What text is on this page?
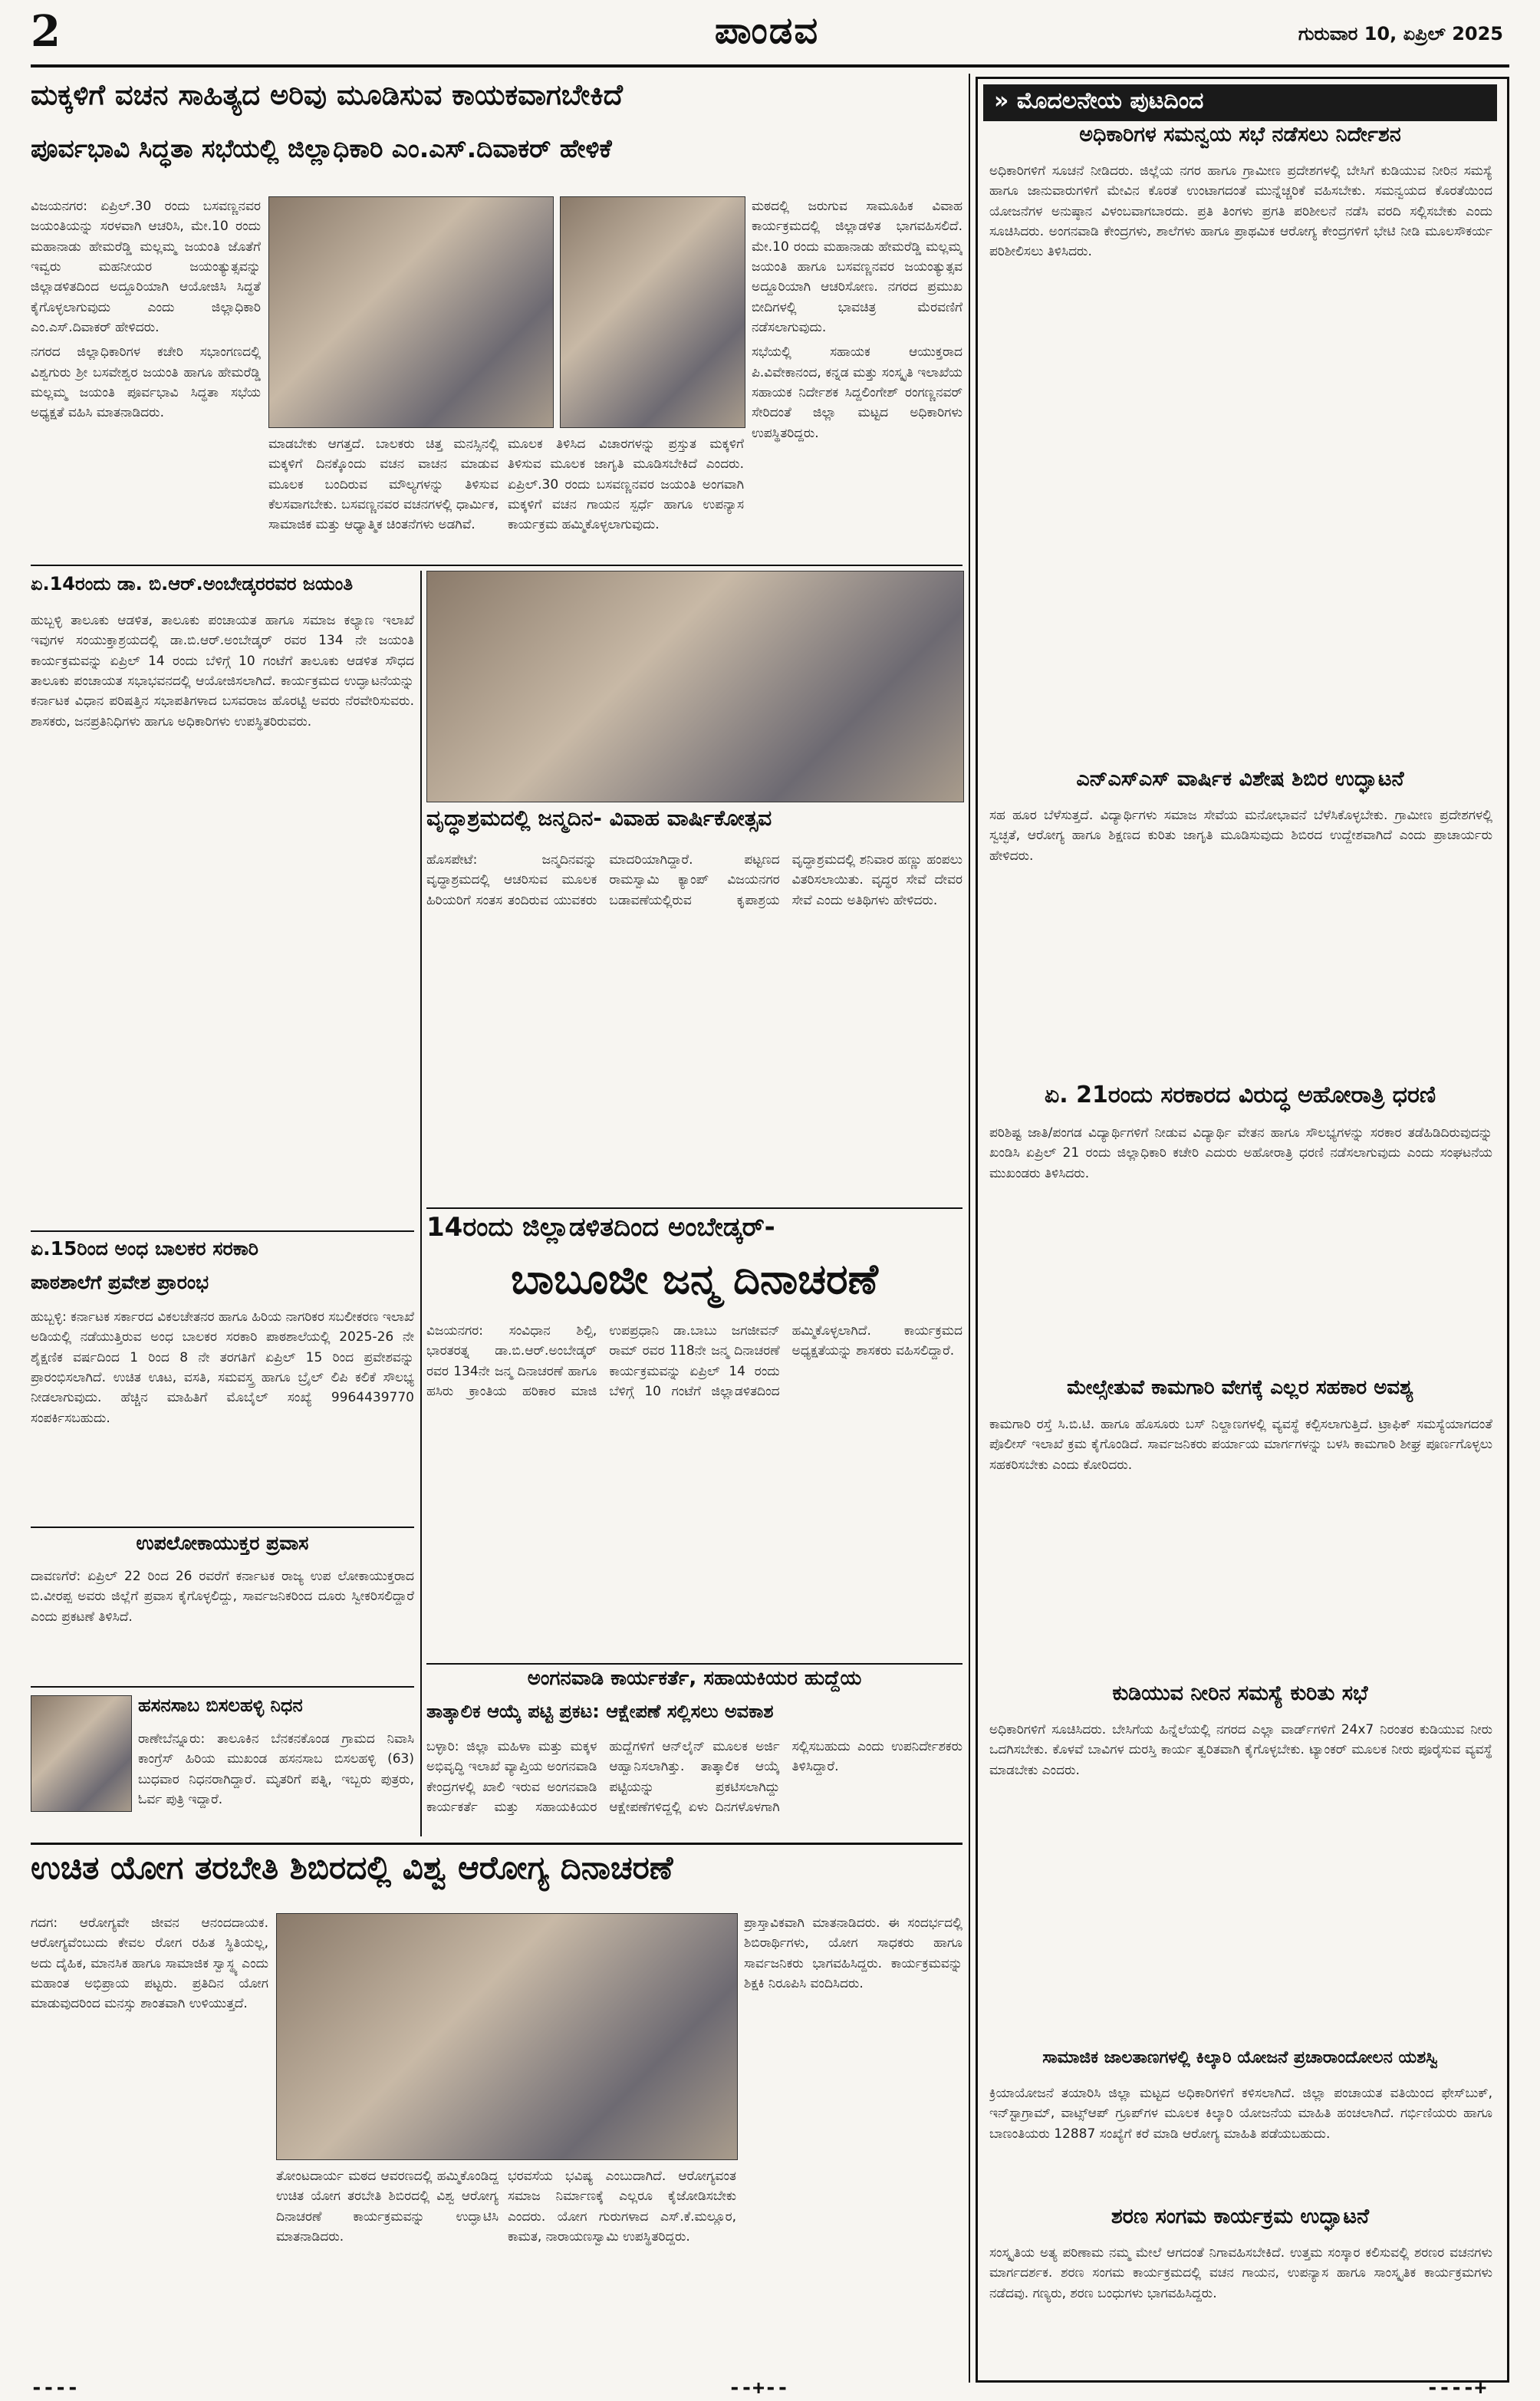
2	ಪಾಂಡವ	ಗುರುವಾರ 10, ಏಪ್ರಿಲ್ 2025
ಮಕ್ಕಳಿಗೆ ವಚನ ಸಾಹಿತ್ಯದ ಅರಿವು ಮೂಡಿಸುವ ಕಾಯಕವಾಗಬೇಕಿದೆ
ಪೂರ್ವಭಾವಿ ಸಿದ್ಧತಾ ಸಭೆಯಲ್ಲಿ ಜಿಲ್ಲಾಧಿಕಾರಿ ಎಂ.ಎಸ್.ದಿವಾಕರ್ ಹೇಳಿಕೆ

ವಿಜಯನಗರ: ಏಪ್ರಿಲ್.30 ರಂದು ಬಸವಣ್ಣನವರ ಜಯಂತಿಯನ್ನು ಸರಳವಾಗಿ ಆಚರಿಸಿ, ಮೇ.10 ರಂದು ಮಹಾನಾಡು ಹೇಮರೆಡ್ಡಿ ಮಲ್ಲಮ್ಮ ಜಯಂತಿ ಜೊತೆಗೆ ಇವ್ವರು ಮಹನೀಯರ ಜಯಂತ್ಯುತ್ಸವನ್ನು ಜಿಲ್ಲಾಡಳಿತದಿಂದ ಅದ್ದೂರಿಯಾಗಿ ಆಯೋಜಿಸಿ ಸಿದ್ಧತೆ ಕೈಗೊಳ್ಳಲಾಗುವುದು ಎಂದು ಜಿಲ್ಲಾಧಿಕಾರಿ ಎಂ.ಎಸ್.ದಿವಾಕರ್ ಹೇಳಿದರು.

ನಗರದ ಜಿಲ್ಲಾಧಿಕಾರಿಗಳ ಕಚೇರಿ ಸಭಾಂಗಣದಲ್ಲಿ ವಿಶ್ವಗುರು ಶ್ರೀ ಬಸವೇಶ್ವರ ಜಯಂತಿ ಹಾಗೂ ಹೇಮರೆಡ್ಡಿ ಮಲ್ಲಮ್ಮ ಜಯಂತಿ ಪೂರ್ವಭಾವಿ ಸಿದ್ಧತಾ ಸಭೆಯ ಅಧ್ಯಕ್ಷತೆ ವಹಿಸಿ ಮಾತನಾಡಿದರು.

ಮಾಡಬೇಕು ಆಗತ್ತದೆ. ಬಾಲಕರು ಚಿತ್ತ ಮನಸ್ಸಿನಲ್ಲಿ ಮಕ್ಕಳಿಗೆ ದಿನಕ್ಕೊಂದು ವಚನ ವಾಚನ ಮಾಡುವ ಮೂಲಕ ಬಂದಿರುವ ಮೌಲ್ಯಗಳನ್ನು ತಿಳಿಸುವ ಕೆಲಸವಾಗಬೇಕು. ಬಸವಣ್ಣನವರ ವಚನಗಳಲ್ಲಿ ಧಾರ್ಮಿಕ, ಸಾಮಾಜಿಕ ಮತ್ತು ಆಧ್ಯಾತ್ಮಿಕ ಚಿಂತನೆಗಳು ಅಡಗಿವೆ.
ಮೂಲಕ ತಿಳಿಸಿದ ವಿಚಾರಗಳನ್ನು ಪ್ರಸ್ತುತ ಮಕ್ಕಳಿಗೆ ತಿಳಿಸುವ ಮೂಲಕ ಜಾಗೃತಿ ಮೂಡಿಸಬೇಕಿದೆ ಎಂದರು. ಏಪ್ರಿಲ್.30 ರಂದು ಬಸವಣ್ಣನವರ ಜಯಂತಿ ಅಂಗವಾಗಿ ಮಕ್ಕಳಿಗೆ ವಚನ ಗಾಯನ ಸ್ಪರ್ಧೆ ಹಾಗೂ ಉಪನ್ಯಾಸ ಕಾರ್ಯಕ್ರಮ ಹಮ್ಮಿಕೊಳ್ಳಲಾಗುವುದು.

ಮಠದಲ್ಲಿ ಜರುಗುವ ಸಾಮೂಹಿಕ ವಿವಾಹ ಕಾರ್ಯಕ್ರಮದಲ್ಲಿ ಜಿಲ್ಲಾಡಳಿತ ಭಾಗವಹಿಸಲಿದೆ. ಮೇ.10 ರಂದು ಮಹಾನಾಡು ಹೇಮರೆಡ್ಡಿ ಮಲ್ಲಮ್ಮ ಜಯಂತಿ ಹಾಗೂ ಬಸವಣ್ಣನವರ ಜಯಂತ್ಯುತ್ಸವ ಅದ್ದೂರಿಯಾಗಿ ಆಚರಿಸೋಣ. ನಗರದ ಪ್ರಮುಖ ಬೀದಿಗಳಲ್ಲಿ ಭಾವಚಿತ್ರ ಮೆರವಣಿಗೆ ನಡೆಸಲಾಗುವುದು.

ಸಭೆಯಲ್ಲಿ ಸಹಾಯಕ ಆಯುಕ್ತರಾದ ಪಿ.ವಿವೇಕಾನಂದ, ಕನ್ನಡ ಮತ್ತು ಸಂಸ್ಕೃತಿ ಇಲಾಖೆಯ ಸಹಾಯಕ ನಿರ್ದೇಶಕ ಸಿದ್ದಲಿಂಗೇಶ್ ರಂಗಣ್ಣನವರ್ ಸೇರಿದಂತೆ ಜಿಲ್ಲಾ ಮಟ್ಟದ ಅಧಿಕಾರಿಗಳು ಉಪಸ್ಥಿತರಿದ್ದರು.

ಏ.14ರಂದು ಡಾ. ಬಿ.ಆರ್.ಅಂಬೇಡ್ಕರರವರ ಜಯಂತಿ
ಹುಬ್ಬಳ್ಳಿ ತಾಲೂಕು ಆಡಳಿತ, ತಾಲೂಕು ಪಂಚಾಯತ ಹಾಗೂ ಸಮಾಜ ಕಲ್ಯಾಣ ಇಲಾಖೆ ಇವುಗಳ ಸಂಯುಕ್ತಾಶ್ರಯದಲ್ಲಿ ಡಾ.ಬಿ.ಆರ್.ಅಂಬೇಡ್ಕರ್ ರವರ 134 ನೇ ಜಯಂತಿ ಕಾರ್ಯಕ್ರಮವನ್ನು ಏಪ್ರಿಲ್ 14 ರಂದು ಬೆಳಿಗ್ಗೆ 10 ಗಂಟೆಗೆ ತಾಲೂಕು ಆಡಳಿತ ಸೌಧದ ತಾಲೂಕು ಪಂಚಾಯತ ಸಭಾಭವನದಲ್ಲಿ ಆಯೋಜಿಸಲಾಗಿದೆ. ಕಾರ್ಯಕ್ರಮದ ಉದ್ಘಾಟನೆಯನ್ನು ಕರ್ನಾಟಕ ವಿಧಾನ ಪರಿಷತ್ತಿನ ಸಭಾಪತಿಗಳಾದ ಬಸವರಾಜ ಹೊರಟ್ಟಿ ಅವರು ನೆರವೇರಿಸುವರು. ಶಾಸಕರು, ಜನಪ್ರತಿನಿಧಿಗಳು ಹಾಗೂ ಅಧಿಕಾರಿಗಳು ಉಪಸ್ಥಿತರಿರುವರು.
ಏ.15ರಿಂದ ಅಂಧ ಬಾಲಕರ ಸರಕಾರಿ
ಪಾಠಶಾಲೆಗೆ ಪ್ರವೇಶ ಪ್ರಾರಂಭ
ಹುಬ್ಬಳ್ಳಿ: ಕರ್ನಾಟಕ ಸರ್ಕಾರದ ವಿಕಲಚೇತನರ ಹಾಗೂ ಹಿರಿಯ ನಾಗರಿಕರ ಸಬಲೀಕರಣ ಇಲಾಖೆ ಅಡಿಯಲ್ಲಿ ನಡೆಯುತ್ತಿರುವ ಅಂಧ ಬಾಲಕರ ಸರಕಾರಿ ಪಾಠಶಾಲೆಯಲ್ಲಿ 2025-26 ನೇ ಶೈಕ್ಷಣಿಕ ವರ್ಷದಿಂದ 1 ರಿಂದ 8 ನೇ ತರಗತಿಗೆ ಏಪ್ರಿಲ್ 15 ರಿಂದ ಪ್ರವೇಶವನ್ನು ಪ್ರಾರಂಭಿಸಲಾಗಿದೆ. ಉಚಿತ ಊಟ, ವಸತಿ, ಸಮವಸ್ತ್ರ ಹಾಗೂ ಬ್ರೈಲ್ ಲಿಪಿ ಕಲಿಕೆ ಸೌಲಭ್ಯ ನೀಡಲಾಗುವುದು. ಹೆಚ್ಚಿನ ಮಾಹಿತಿಗೆ ಮೊಬೈಲ್ ಸಂಖ್ಯೆ 9964439770 ಸಂಪರ್ಕಿಸಬಹುದು.
ಉಪಲೋಕಾಯುಕ್ತರ ಪ್ರವಾಸ
ದಾವಣಗೆರೆ: ಏಪ್ರಿಲ್ 22 ರಿಂದ 26 ರವರೆಗೆ ಕರ್ನಾಟಕ ರಾಜ್ಯ ಉಪ ಲೋಕಾಯುಕ್ತರಾದ ಬಿ.ವೀರಪ್ಪ ಅವರು ಜಿಲ್ಲೆಗೆ ಪ್ರವಾಸ ಕೈಗೊಳ್ಳಲಿದ್ದು, ಸಾರ್ವಜನಿಕರಿಂದ ದೂರು ಸ್ವೀಕರಿಸಲಿದ್ದಾರೆ ಎಂದು ಪ್ರಕಟಣೆ ತಿಳಿಸಿದೆ.
ಹಸನಸಾಬ ಬಿಸಲಹಳ್ಳಿ ನಿಧನ
ರಾಣೇಬೆನ್ನೂರು: ತಾಲೂಕಿನ ಬೆನಕನಕೊಂಡ ಗ್ರಾಮದ ನಿವಾಸಿ ಕಾಂಗ್ರೆಸ್ ಹಿರಿಯ ಮುಖಂಡ ಹಸನಸಾಬ ಬಿಸಲಹಳ್ಳಿ (63) ಬುಧವಾರ ನಿಧನರಾಗಿದ್ದಾರೆ. ಮೃತರಿಗೆ ಪತ್ನಿ, ಇಬ್ಬರು ಪುತ್ರರು, ಓರ್ವ ಪುತ್ರಿ ಇದ್ದಾರೆ.
ವೃದ್ಧಾಶ್ರಮದಲ್ಲಿ ಜನ್ಮದಿನ- ವಿವಾಹ ವಾರ್ಷಿಕೋತ್ಸವ
ಹೊಸಪೇಟೆ: ಜನ್ಮದಿನವನ್ನು ವೃದ್ಧಾಶ್ರಮದಲ್ಲಿ ಆಚರಿಸುವ ಮೂಲಕ ಹಿರಿಯರಿಗೆ ಸಂತಸ ತಂದಿರುವ ಯುವಕರು ಮಾದರಿಯಾಗಿದ್ದಾರೆ. ಪಟ್ಟಣದ ರಾಮಸ್ವಾಮಿ ಕ್ಯಾಂಪ್ ವಿಜಯನಗರ ಬಡಾವಣೆಯಲ್ಲಿರುವ ಕೃಪಾಶ್ರಯ ವೃದ್ಧಾಶ್ರಮದಲ್ಲಿ ಶನಿವಾರ ಹಣ್ಣು ಹಂಪಲು ವಿತರಿಸಲಾಯಿತು. ವೃದ್ಧರ ಸೇವೆ ದೇವರ ಸೇವೆ ಎಂದು ಅತಿಥಿಗಳು ಹೇಳಿದರು.
14ರಂದು ಜಿಲ್ಲಾಡಳಿತದಿಂದ ಅಂಬೇಡ್ಕರ್-
ಬಾಬೂಜೀ ಜನ್ಮ ದಿನಾಚರಣೆ
ವಿಜಯನಗರ: ಸಂವಿಧಾನ ಶಿಲ್ಪಿ, ಭಾರತರತ್ನ ಡಾ.ಬಿ.ಆರ್.ಅಂಬೇಡ್ಕರ್ ರವರ 134ನೇ ಜನ್ಮ ದಿನಾಚರಣೆ ಹಾಗೂ ಹಸಿರು ಕ್ರಾಂತಿಯ ಹರಿಕಾರ ಮಾಜಿ ಉಪಪ್ರಧಾನಿ ಡಾ.ಬಾಬು ಜಗಜೀವನ್ ರಾಮ್ ರವರ 118ನೇ ಜನ್ಮ ದಿನಾಚರಣೆ ಕಾರ್ಯಕ್ರಮವನ್ನು ಏಪ್ರಿಲ್ 14 ರಂದು ಬೆಳಿಗ್ಗೆ 10 ಗಂಟೆಗೆ ಜಿಲ್ಲಾಡಳಿತದಿಂದ ಹಮ್ಮಿಕೊಳ್ಳಲಾಗಿದೆ. ಕಾರ್ಯಕ್ರಮದ ಅಧ್ಯಕ್ಷತೆಯನ್ನು ಶಾಸಕರು ವಹಿಸಲಿದ್ದಾರೆ.
ಅಂಗನವಾಡಿ ಕಾರ್ಯಕರ್ತೆ, ಸಹಾಯಕಿಯರ ಹುದ್ದೆಯ
ತಾತ್ಕಾಲಿಕ ಆಯ್ಕೆ ಪಟ್ಟಿ ಪ್ರಕಟ: ಆಕ್ಷೇಪಣೆ ಸಲ್ಲಿಸಲು ಅವಕಾಶ
ಬಳ್ಳಾರಿ: ಜಿಲ್ಲಾ ಮಹಿಳಾ ಮತ್ತು ಮಕ್ಕಳ ಅಭಿವೃದ್ಧಿ ಇಲಾಖೆ ವ್ಯಾಪ್ತಿಯ ಅಂಗನವಾಡಿ ಕೇಂದ್ರಗಳಲ್ಲಿ ಖಾಲಿ ಇರುವ ಅಂಗನವಾಡಿ ಕಾರ್ಯಕರ್ತೆ ಮತ್ತು ಸಹಾಯಕಿಯರ ಹುದ್ದೆಗಳಿಗೆ ಆನ್‌ಲೈನ್ ಮೂಲಕ ಅರ್ಜಿ ಆಹ್ವಾನಿಸಲಾಗಿತ್ತು. ತಾತ್ಕಾಲಿಕ ಆಯ್ಕೆ ಪಟ್ಟಿಯನ್ನು ಪ್ರಕಟಿಸಲಾಗಿದ್ದು ಆಕ್ಷೇಪಣೆಗಳಿದ್ದಲ್ಲಿ ಏಳು ದಿನಗಳೊಳಗಾಗಿ ಸಲ್ಲಿಸಬಹುದು ಎಂದು ಉಪನಿರ್ದೇಶಕರು ತಿಳಿಸಿದ್ದಾರೆ.
ಉಚಿತ ಯೋಗ ತರಬೇತಿ ಶಿಬಿರದಲ್ಲಿ ವಿಶ್ವ ಆರೋಗ್ಯ ದಿನಾಚರಣೆ
ಗದಗ: ಆರೋಗ್ಯವೇ ಜೀವನ ಆನಂದದಾಯಕ. ಆರೋಗ್ಯವೆಂಬುದು ಕೇವಲ ರೋಗ ರಹಿತ ಸ್ಥಿತಿಯಲ್ಲ, ಅದು ದೈಹಿಕ, ಮಾನಸಿಕ ಹಾಗೂ ಸಾಮಾಜಿಕ ಸ್ವಾಸ್ಥ್ಯ ಎಂದು ಮಹಾಂತ ಅಭಿಪ್ರಾಯ ಪಟ್ಟರು. ಪ್ರತಿದಿನ ಯೋಗ ಮಾಡುವುದರಿಂದ ಮನಸ್ಸು ಶಾಂತವಾಗಿ ಉಳಿಯುತ್ತದೆ.
ತೋಂಟದಾರ್ಯ ಮಠದ ಆವರಣದಲ್ಲಿ ಹಮ್ಮಿಕೊಂಡಿದ್ದ ಉಚಿತ ಯೋಗ ತರಬೇತಿ ಶಿಬಿರದಲ್ಲಿ ವಿಶ್ವ ಆರೋಗ್ಯ ದಿನಾಚರಣೆ ಕಾರ್ಯಕ್ರಮವನ್ನು ಉದ್ಘಾಟಿಸಿ ಮಾತನಾಡಿದರು.
ಭರವಸೆಯ ಭವಿಷ್ಯ ಎಂಬುದಾಗಿದೆ. ಆರೋಗ್ಯವಂತ ಸಮಾಜ ನಿರ್ಮಾಣಕ್ಕೆ ಎಲ್ಲರೂ ಕೈಜೋಡಿಸಬೇಕು ಎಂದರು. ಯೋಗ ಗುರುಗಳಾದ ಎಸ್.ಕೆ.ಮಲ್ಲೂರ, ಕಾಮತ, ನಾರಾಯಣಸ್ವಾಮಿ ಉಪಸ್ಥಿತರಿದ್ದರು.
ಪ್ರಾಸ್ತಾವಿಕವಾಗಿ ಮಾತನಾಡಿದರು. ಈ ಸಂದರ್ಭದಲ್ಲಿ ಶಿಬಿರಾರ್ಥಿಗಳು, ಯೋಗ ಸಾಧಕರು ಹಾಗೂ ಸಾರ್ವಜನಿಕರು ಭಾಗವಹಿಸಿದ್ದರು. ಕಾರ್ಯಕ್ರಮವನ್ನು ಶಿಕ್ಷಕಿ ನಿರೂಪಿಸಿ ವಂದಿಸಿದರು.
» ಮೊದಲನೇಯ ಪುಟದಿಂದ
ಅಧಿಕಾರಿಗಳ ಸಮನ್ವಯ ಸಭೆ ನಡೆಸಲು ನಿರ್ದೇಶನ
ಅಧಿಕಾರಿಗಳಿಗೆ ಸೂಚನೆ ನೀಡಿದರು. ಜಿಲ್ಲೆಯ ನಗರ ಹಾಗೂ ಗ್ರಾಮೀಣ ಪ್ರದೇಶಗಳಲ್ಲಿ ಬೇಸಿಗೆ ಕುಡಿಯುವ ನೀರಿನ ಸಮಸ್ಯೆ ಹಾಗೂ ಜಾನುವಾರುಗಳಿಗೆ ಮೇವಿನ ಕೊರತೆ ಉಂಟಾಗದಂತೆ ಮುನ್ನೆಚ್ಚರಿಕೆ ವಹಿಸಬೇಕು. ಸಮನ್ವಯದ ಕೊರತೆಯಿಂದ ಯೋಜನೆಗಳ ಅನುಷ್ಠಾನ ವಿಳಂಬವಾಗಬಾರದು. ಪ್ರತಿ ತಿಂಗಳು ಪ್ರಗತಿ ಪರಿಶೀಲನೆ ನಡೆಸಿ ವರದಿ ಸಲ್ಲಿಸಬೇಕು ಎಂದು ಸೂಚಿಸಿದರು. ಅಂಗನವಾಡಿ ಕೇಂದ್ರಗಳು, ಶಾಲೆಗಳು ಹಾಗೂ ಪ್ರಾಥಮಿಕ ಆರೋಗ್ಯ ಕೇಂದ್ರಗಳಿಗೆ ಭೇಟಿ ನೀಡಿ ಮೂಲಸೌಕರ್ಯ ಪರಿಶೀಲಿಸಲು ತಿಳಿಸಿದರು.
ಎನ್ಎಸ್ಎಸ್ ವಾರ್ಷಿಕ ವಿಶೇಷ ಶಿಬಿರ ಉದ್ಘಾಟನೆ
ಸಹ ಹೂರ ಬೆಳೆಸುತ್ತದೆ. ವಿದ್ಯಾರ್ಥಿಗಳು ಸಮಾಜ ಸೇವೆಯ ಮನೋಭಾವನೆ ಬೆಳೆಸಿಕೊಳ್ಳಬೇಕು. ಗ್ರಾಮೀಣ ಪ್ರದೇಶಗಳಲ್ಲಿ ಸ್ವಚ್ಛತೆ, ಆರೋಗ್ಯ ಹಾಗೂ ಶಿಕ್ಷಣದ ಕುರಿತು ಜಾಗೃತಿ ಮೂಡಿಸುವುದು ಶಿಬಿರದ ಉದ್ದೇಶವಾಗಿದೆ ಎಂದು ಪ್ರಾಚಾರ್ಯರು ಹೇಳಿದರು.
ಏ. 21ರಂದು ಸರಕಾರದ ವಿರುದ್ಧ ಅಹೋರಾತ್ರಿ ಧರಣಿ
ಪರಿಶಿಷ್ಟ ಜಾತಿ/ಪಂಗಡ ವಿದ್ಯಾರ್ಥಿಗಳಿಗೆ ನೀಡುವ ವಿದ್ಯಾರ್ಥಿ ವೇತನ ಹಾಗೂ ಸೌಲಭ್ಯಗಳನ್ನು ಸರಕಾರ ತಡೆಹಿಡಿದಿರುವುದನ್ನು ಖಂಡಿಸಿ ಏಪ್ರಿಲ್ 21 ರಂದು ಜಿಲ್ಲಾಧಿಕಾರಿ ಕಚೇರಿ ಎದುರು ಅಹೋರಾತ್ರಿ ಧರಣಿ ನಡೆಸಲಾಗುವುದು ಎಂದು ಸಂಘಟನೆಯ ಮುಖಂಡರು ತಿಳಿಸಿದರು.
ಮೇಲ್ಸೇತುವೆ ಕಾಮಗಾರಿ ವೇಗಕ್ಕೆ ಎಲ್ಲರ ಸಹಕಾರ ಅವಶ್ಯ
ಕಾಮಗಾರಿ ರಸ್ತೆ ಸಿ.ಬಿ.ಟಿ. ಹಾಗೂ ಹೊಸೂರು ಬಸ್ ನಿಲ್ದಾಣಗಳಲ್ಲಿ ವ್ಯವಸ್ಥೆ ಕಲ್ಪಿಸಲಾಗುತ್ತಿದೆ. ಟ್ರಾಫಿಕ್ ಸಮಸ್ಯೆಯಾಗದಂತೆ ಪೊಲೀಸ್ ಇಲಾಖೆ ಕ್ರಮ ಕೈಗೊಂಡಿದೆ. ಸಾರ್ವಜನಿಕರು ಪರ್ಯಾಯ ಮಾರ್ಗಗಳನ್ನು ಬಳಸಿ ಕಾಮಗಾರಿ ಶೀಘ್ರ ಪೂರ್ಣಗೊಳ್ಳಲು ಸಹಕರಿಸಬೇಕು ಎಂದು ಕೋರಿದರು.
ಕುಡಿಯುವ ನೀರಿನ ಸಮಸ್ಯೆ ಕುರಿತು ಸಭೆ
ಅಧಿಕಾರಿಗಳಿಗೆ ಸೂಚಿಸಿದರು. ಬೇಸಿಗೆಯ ಹಿನ್ನೆಲೆಯಲ್ಲಿ ನಗರದ ಎಲ್ಲಾ ವಾರ್ಡ್‌ಗಳಿಗೆ 24x7 ನಿರಂತರ ಕುಡಿಯುವ ನೀರು ಒದಗಿಸಬೇಕು. ಕೊಳವೆ ಬಾವಿಗಳ ದುರಸ್ತಿ ಕಾರ್ಯ ತ್ವರಿತವಾಗಿ ಕೈಗೊಳ್ಳಬೇಕು. ಟ್ಯಾಂಕರ್ ಮೂಲಕ ನೀರು ಪೂರೈಸುವ ವ್ಯವಸ್ಥೆ ಮಾಡಬೇಕು ಎಂದರು.
ಸಾಮಾಜಿಕ ಜಾಲತಾಣಗಳಲ್ಲಿ ಕಿಲ್ಕಾರಿ ಯೋಜನೆ ಪ್ರಚಾರಾಂದೋಲನ ಯಶಸ್ವಿ
ಕ್ರಿಯಾಯೋಜನೆ ತಯಾರಿಸಿ ಜಿಲ್ಲಾ ಮಟ್ಟದ ಅಧಿಕಾರಿಗಳಿಗೆ ಕಳಿಸಲಾಗಿದೆ. ಜಿಲ್ಲಾ ಪಂಚಾಯತ ವತಿಯಿಂದ ಫೇಸ್‌ಬುಕ್, ಇನ್‌ಸ್ಟಾಗ್ರಾಮ್, ವಾಟ್ಸ್‌ಆಪ್ ಗ್ರೂಪ್‌ಗಳ ಮೂಲಕ ಕಿಲ್ಕಾರಿ ಯೋಜನೆಯ ಮಾಹಿತಿ ಹಂಚಲಾಗಿದೆ. ಗರ್ಭಿಣಿಯರು ಹಾಗೂ ಬಾಣಂತಿಯರು 12887 ಸಂಖ್ಯೆಗೆ ಕರೆ ಮಾಡಿ ಆರೋಗ್ಯ ಮಾಹಿತಿ ಪಡೆಯಬಹುದು.
ಶರಣ ಸಂಗಮ ಕಾರ್ಯಕ್ರಮ ಉದ್ಘಾಟನೆ
ಸಂಸ್ಕೃತಿಯ ಅತ್ಯ ಪರಿಣಾಮ ನಮ್ಮ ಮೇಲೆ ಆಗದಂತೆ ನಿಗಾವಹಿಸಬೇಕಿದೆ. ಉತ್ತಮ ಸಂಸ್ಕಾರ ಕಲಿಸುವಲ್ಲಿ ಶರಣರ ವಚನಗಳು ಮಾರ್ಗದರ್ಶಕ. ಶರಣ ಸಂಗಮ ಕಾರ್ಯಕ್ರಮದಲ್ಲಿ ವಚನ ಗಾಯನ, ಉಪನ್ಯಾಸ ಹಾಗೂ ಸಾಂಸ್ಕೃತಿಕ ಕಾರ್ಯಕ್ರಮಗಳು ನಡೆದವು. ಗಣ್ಯರು, ಶರಣ ಬಂಧುಗಳು ಭಾಗವಹಿಸಿದ್ದರು.
----	--+--	----+
